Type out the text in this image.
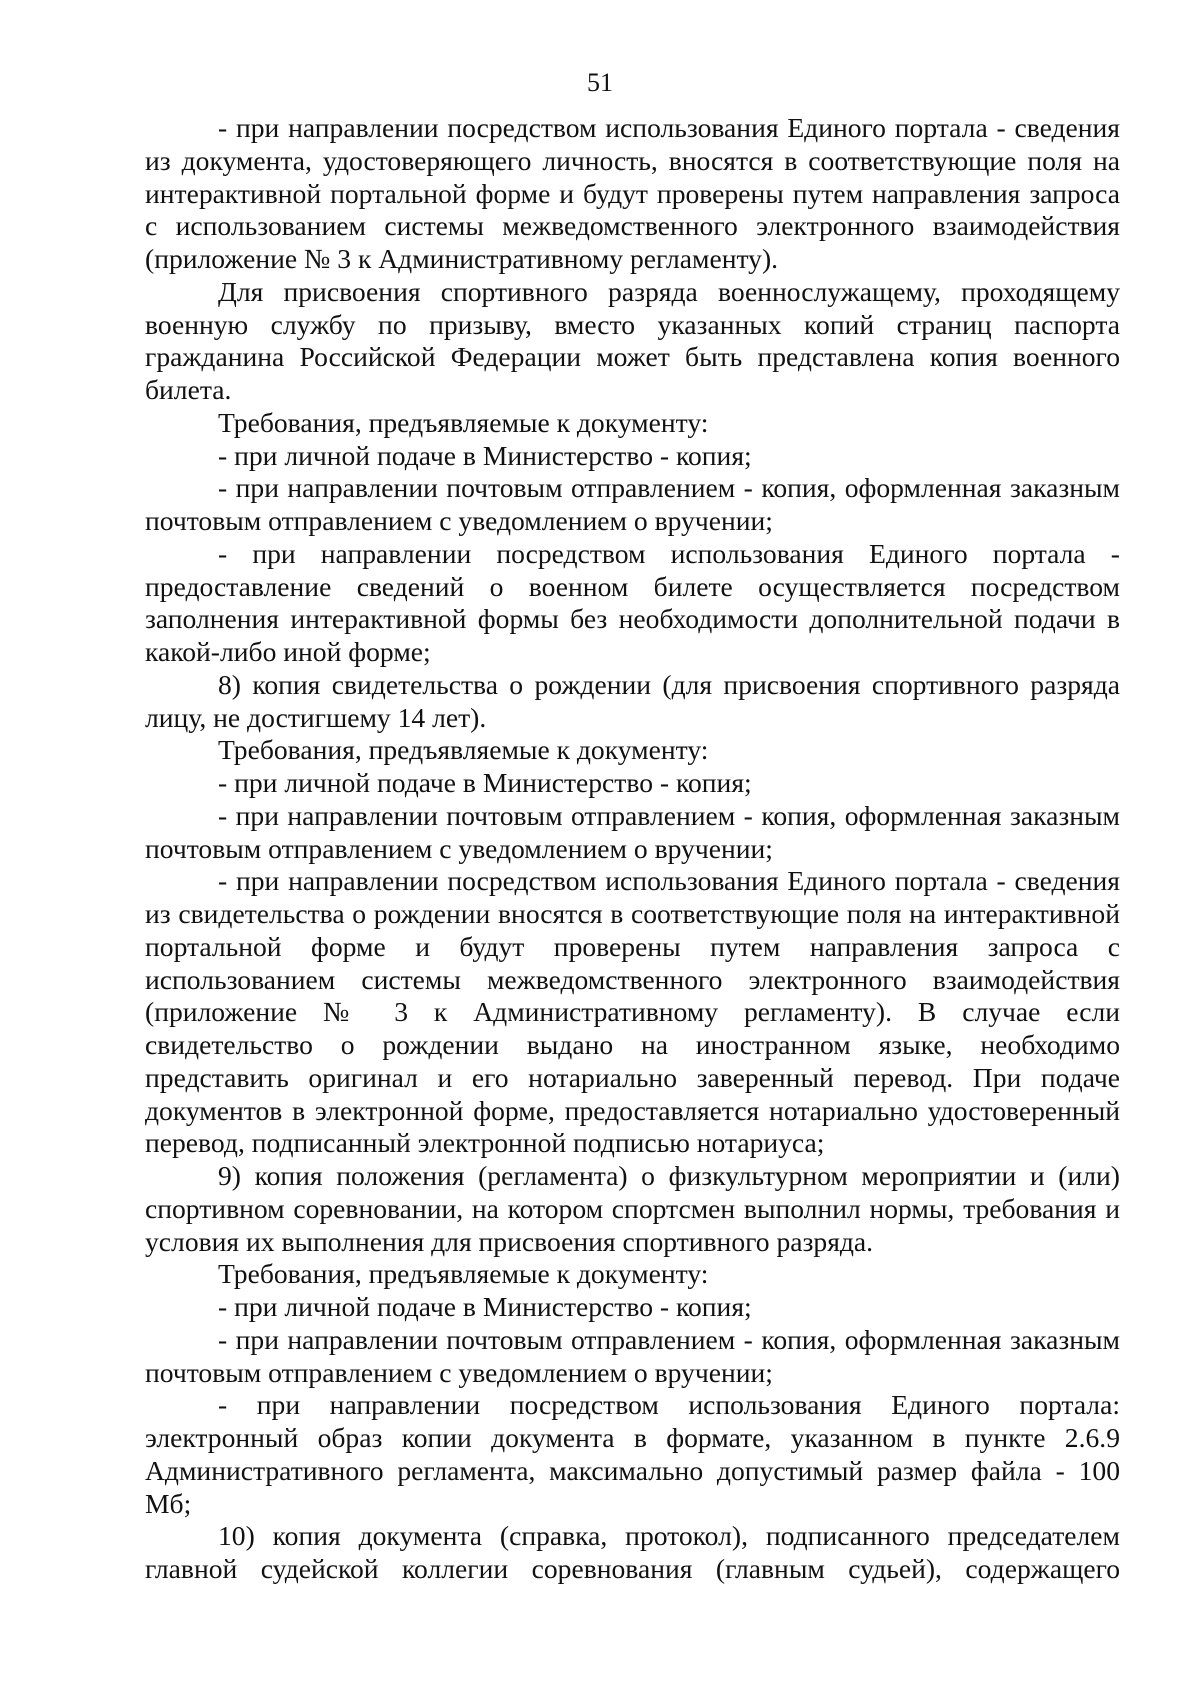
51

- при направлении посредством использования Единого портала - сведения из документа, удостоверяющего личность, вносятся в соответствующие поля на интерактивной портальной форме и будут проверены путем направления запроса с использованием системы межведомственного электронного взаимодействия (приложение № 3 к Административному регламенту).

Для присвоения спортивного разряда военнослужащему, проходящему военную службу по призыву, вместо указанных копий страниц паспорта гражданина Российской Федерации может быть представлена копия военного билета.

Требования, предъявляемые к документу:

- при личной подаче в Министерство - копия;

- при направлении почтовым отправлением - копия, оформленная заказным почтовым отправлением с уведомлением о вручении;

- при направлении посредством использования Единого портала - предоставление сведений о военном билете осуществляется посредством заполнения интерактивной формы без необходимости дополнительной подачи в какой-либо иной форме;

8) копия свидетельства о рождении (для присвоения спортивного разряда лицу, не достигшему 14 лет).

Требования, предъявляемые к документу:

- при личной подаче в Министерство - копия;

- при направлении почтовым отправлением - копия, оформленная заказным почтовым отправлением с уведомлением о вручении;

- при направлении посредством использования Единого портала - сведения из свидетельства о рождении вносятся в соответствующие поля на интерактивной портальной форме и будут проверены путем направления запроса с использованием системы межведомственного электронного взаимодействия (приложение № 3 к Административному регламенту). В случае если свидетельство о рождении выдано на иностранном языке, необходимо представить оригинал и его нотариально заверенный перевод. При подаче документов в электронной форме, предоставляется нотариально удостоверенный перевод, подписанный электронной подписью нотариуса;

9) копия положения (регламента) о физкультурном мероприятии и (или) спортивном соревновании, на котором спортсмен выполнил нормы, требования и условия их выполнения для присвоения спортивного разряда.

Требования, предъявляемые к документу:

- при личной подаче в Министерство - копия;

- при направлении почтовым отправлением - копия, оформленная заказным почтовым отправлением с уведомлением о вручении;

- при направлении посредством использования Единого портала: электронный образ копии документа в формате, указанном в пункте 2.6.9 Административного регламента, максимально допустимый размер файла - 100 Мб;

10) копия документа (справка, протокол), подписанного председателем главной судейской коллегии соревнования (главным судьей), содержащего
